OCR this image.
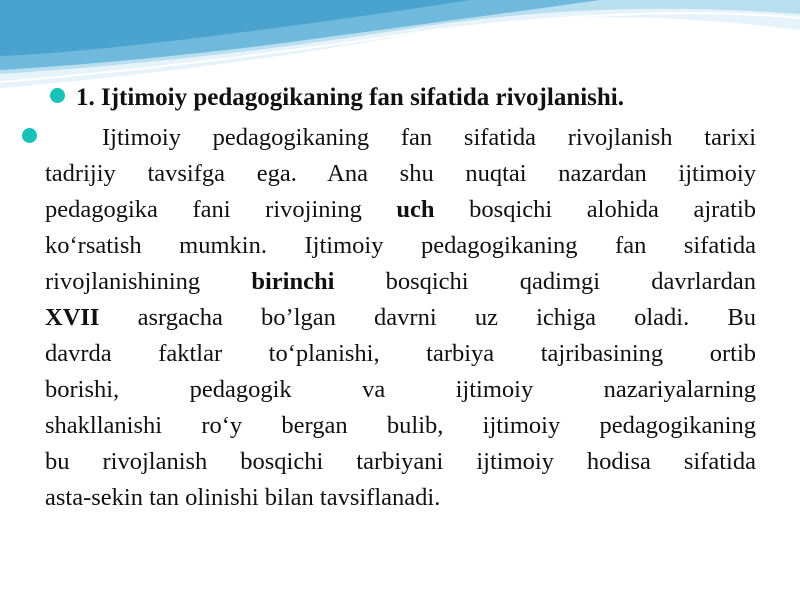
1. Ijtimoiy pedagogikaning fan sifatida rivojlanishi.
Ijtimoiy pedagogikaning fan sifatida rivojlanish tarixi
tadrijiy tavsifga ega. Ana shu nuqtai nazardan ijtimoiy
pedagogika fani rivojining uch bosqichi alohida ajratib
ko‘rsatish mumkin. Ijtimoiy pedagogikaning fan sifatida
rivojlanishining birinchi bosqichi qadimgi davrlardan
XVII asrgacha bo’lgan davrni uz ichiga oladi. Bu
davrda faktlar to‘planishi, tarbiya tajribasining ortib
borishi, pedagogik va ijtimoiy nazariyalarning
shakllanishi ro‘y bergan bulib, ijtimoiy pedagogikaning
bu rivojlanish bosqichi tarbiyani ijtimoiy hodisa sifatida
asta-sekin tan olinishi bilan tavsiflanadi.
